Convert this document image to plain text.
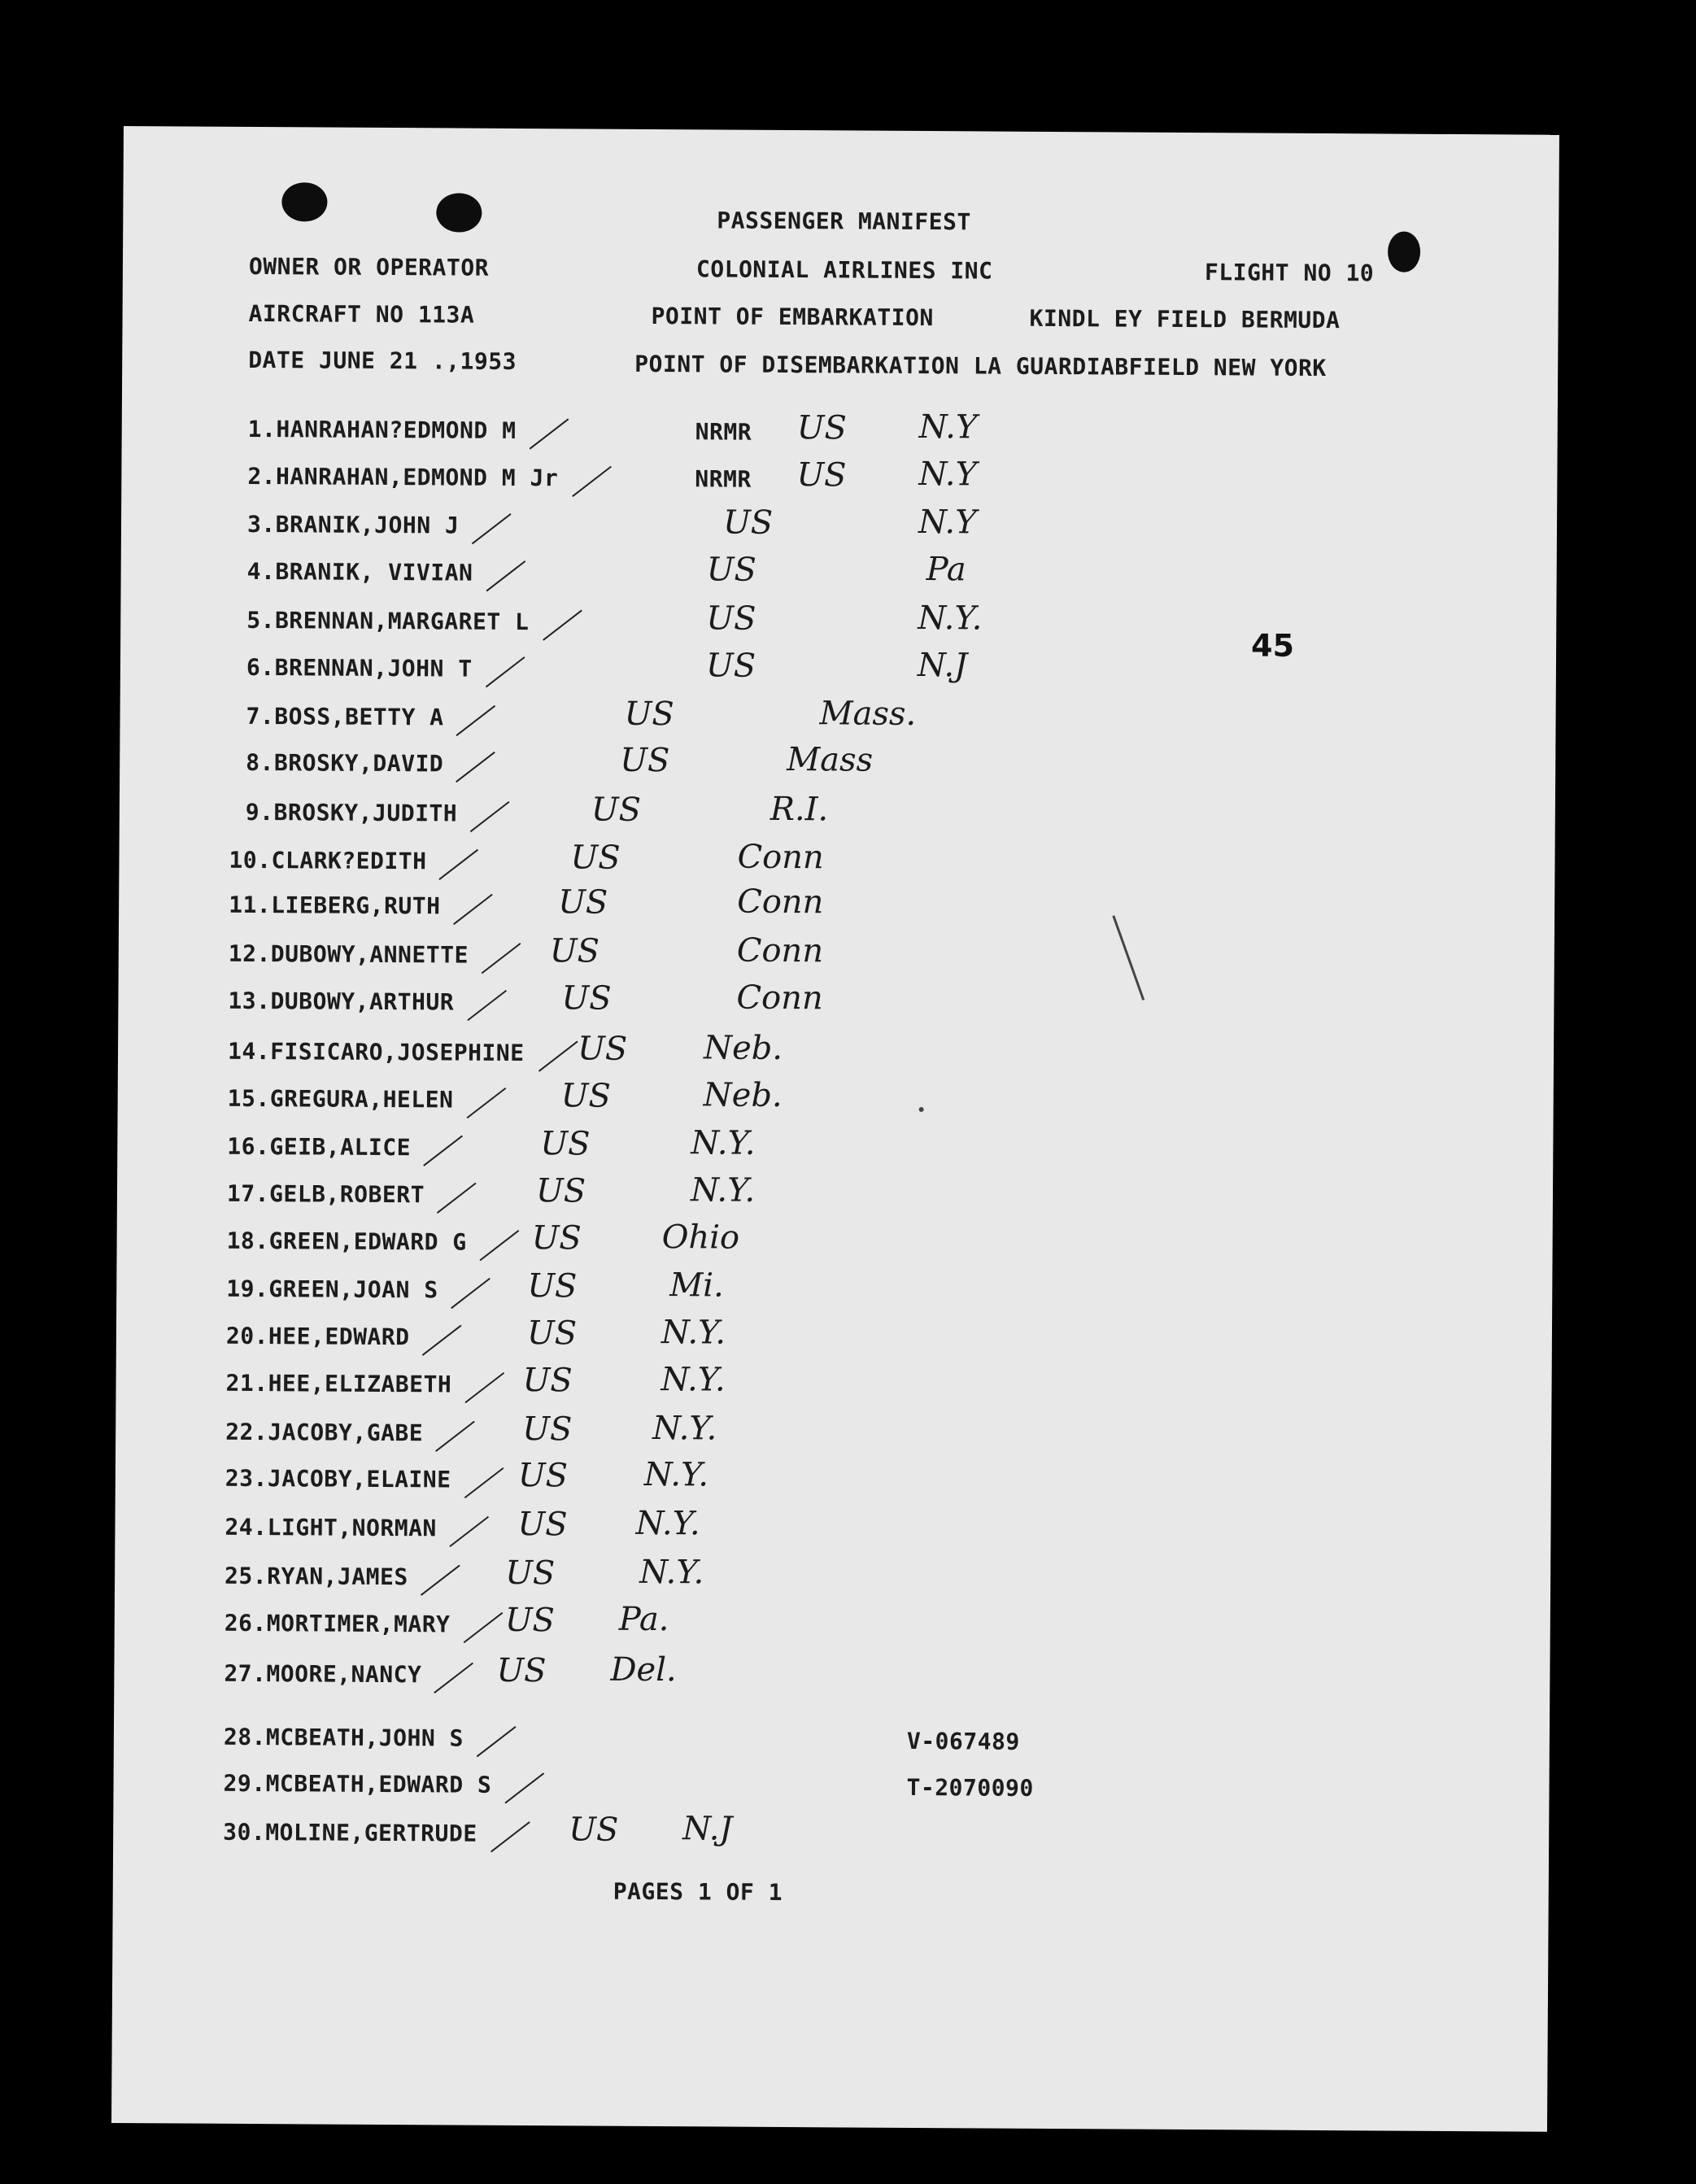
PASSENGER MANIFEST
OWNER OR OPERATOR	COLONIAL AIRLINES INC	FLIGHT NO 10
AIRCRAFT NO 113A	POINT OF EMBARKATION	KINDL EY FIELD BERMUDA
DATE JUNE 21 .,1953	POINT OF DISEMBARKATION LA GUARDIABFIELD NEW YORK
45
1.HANRAHAN?EDMOND M	NRMR US N.Y
2.HANRAHAN,EDMOND M Jr	NRMR US N.Y
3.BRANIK,JOHN J	US	N.Y
4.BRANIK, VIVIAN	US	Pa
5.BRENNAN,MARGARET L	US	N.Y.
6.BRENNAN,JOHN T	US	N.J
7.BOSS,BETTY A	US	Mass.
8.BROSKY,DAVID	US	Mass
9.BROSKY,JUDITH	US	R.I.
10.CLARK?EDITH	US	Conn
11.LIEBERG,RUTH	US	Conn
12.DUBOWY,ANNETTE US	Conn
13.DUBOWY,ARTHUR	US	Conn
14.FISICARO,JOSEPHINE US Neb.
15.GREGURA,HELEN	US	Neb.
16.GEIB,ALICE	US	N.Y.
17.GELB,ROBERT	US	N.Y.
18.GREEN,EDWARD G US Ohio
19.GREEN,JOAN S	US	Mi.
20.HEE,EDWARD	US	N.Y.
21.HEE,ELIZABETH US	N.Y.
22.JACOBY,GABE	US N.Y.
23.JACOBY,ELAINE US N.Y.
24.LIGHT,NORMAN US N.Y.
25.RYAN,JAMES	US	N.Y.
26.MORTIMER,MARY US Pa.
27.MOORE,NANCY US Del.
28.MCBEATH,JOHN S	V-067489
29.MCBEATH,EDWARD S	T-2070090
30.MOLINE,GERTRUDE	US N.J
PAGES 1 OF 1
